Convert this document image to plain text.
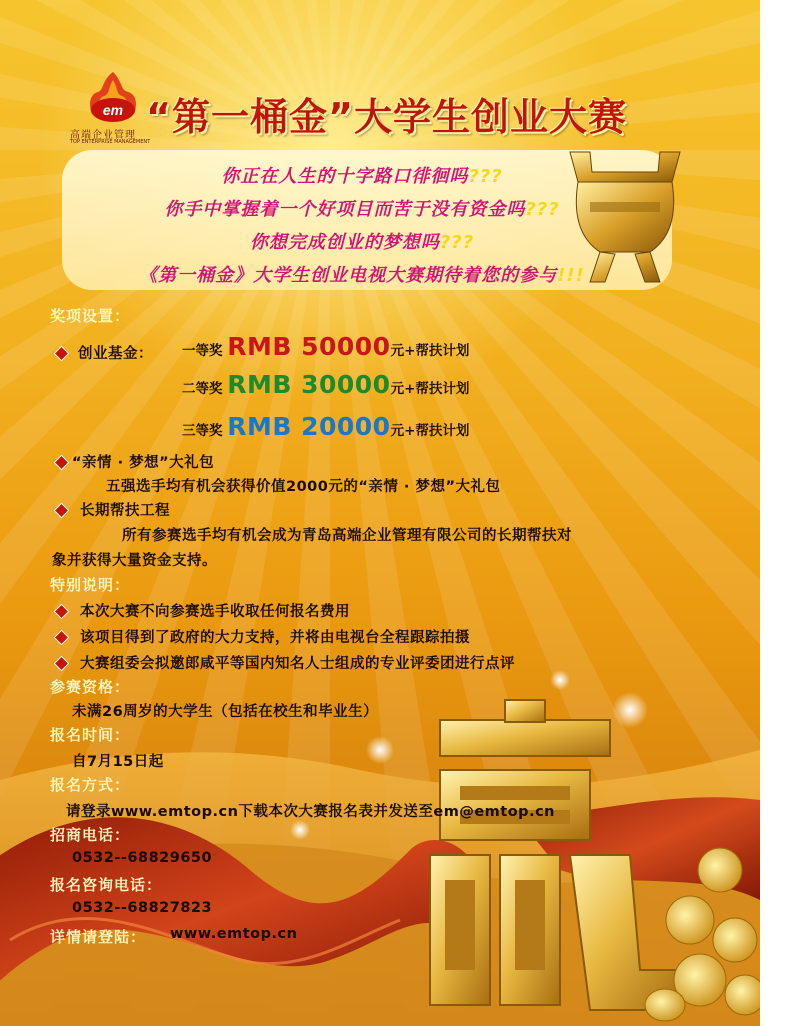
em
高端企业管理
TOP ENTERPRISE MANAGEMENT
“第一桶金”大学生创业大赛
你正在人生的十字路口徘徊吗???
你手中掌握着一个好项目而苦于没有资金吗???
你想完成创业的梦想吗???
《第一桶金》大学生创业电视大赛期待着您的参与!!!
奖项设置：
创业基金： 一等奖 RMB 50000元+帮扶计划
二等奖 RMB 30000元+帮扶计划
三等奖 RMB 20000元+帮扶计划
“亲情 · 梦想”大礼包
五强选手均有机会获得价值2000元的“亲情 · 梦想”大礼包
长期帮扶工程
所有参赛选手均有机会成为青岛高端企业管理有限公司的长期帮扶对
象并获得大量资金支持。
特别说明：
本次大赛不向参赛选手收取任何报名费用
该项目得到了政府的大力支持，并将由电视台全程跟踪拍摄
大赛组委会拟邀郎咸平等国内知名人士组成的专业评委团进行点评
参赛资格：
未满26周岁的大学生（包括在校生和毕业生）
报名时间：
自7月15日起
报名方式：
请登录www.emtop.cn下载本次大赛报名表并发送至em@emtop.cn
招商电话：
0532--68829650
报名咨询电话：
0532--68827823
详情请登陆： www.emtop.cn
